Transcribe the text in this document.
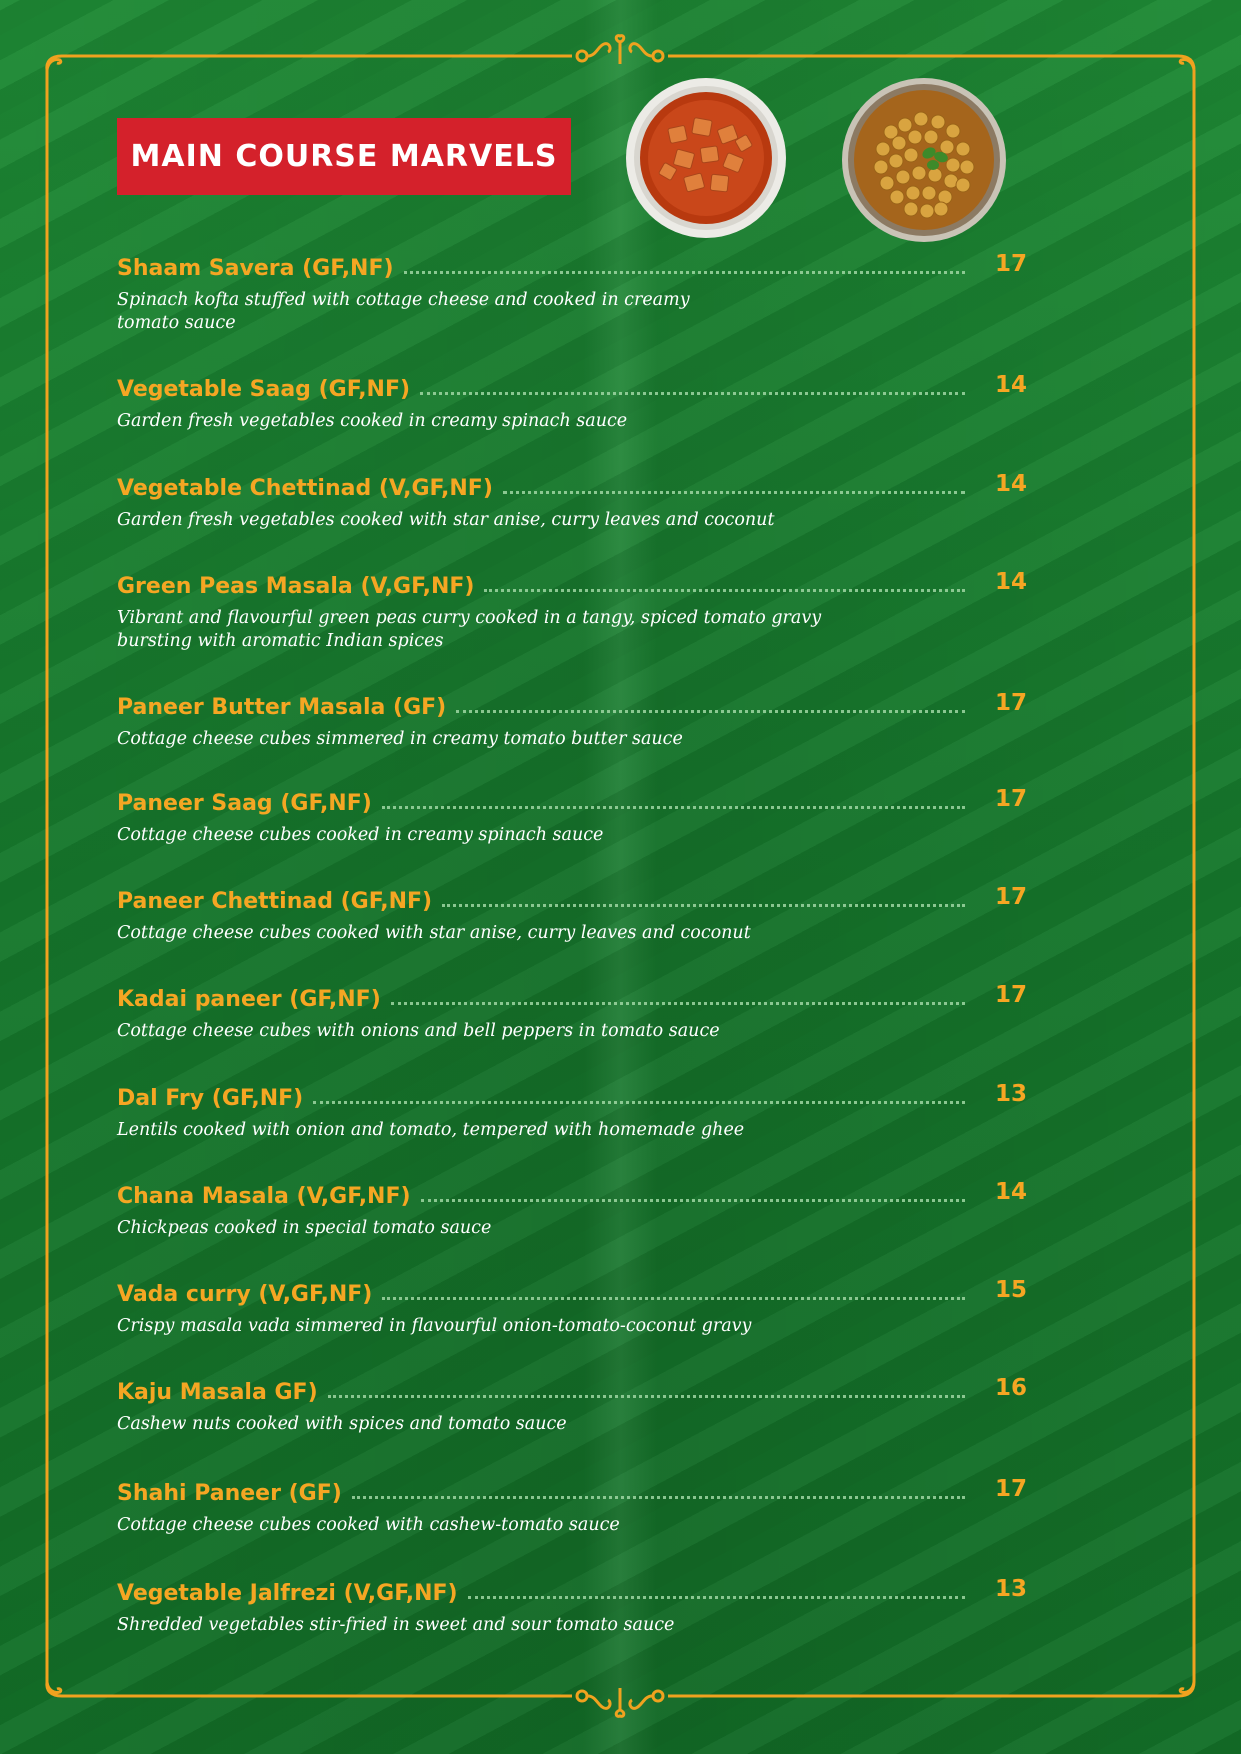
MAIN COURSE MARVELS
Shaam Savera (GF,NF)	17
Spinach kofta stuffed with cottage cheese and cooked in creamy
tomato sauce
Vegetable Saag (GF,NF)	14
Garden fresh vegetables cooked in creamy spinach sauce
Vegetable Chettinad (V,GF,NF)	14
Garden fresh vegetables cooked with star anise, curry leaves and coconut
Green Peas Masala (V,GF,NF)	14
Vibrant and flavourful green peas curry cooked in a tangy, spiced tomato gravy
bursting with aromatic Indian spices
Paneer Butter Masala (GF)	17
Cottage cheese cubes simmered in creamy tomato butter sauce
Paneer Saag (GF,NF)	17
Cottage cheese cubes cooked in creamy spinach sauce
Paneer Chettinad (GF,NF)	17
Cottage cheese cubes cooked with star anise, curry leaves and coconut
Kadai paneer (GF,NF)	17
Cottage cheese cubes with onions and bell peppers in tomato sauce
Dal Fry (GF,NF)	13
Lentils cooked with onion and tomato, tempered with homemade ghee
Chana Masala (V,GF,NF)	14
Chickpeas cooked in special tomato sauce
Vada curry (V,GF,NF)	15
Crispy masala vada simmered in flavourful onion-tomato-coconut gravy
Kaju Masala GF)	16
Cashew nuts cooked with spices and tomato sauce
Shahi Paneer (GF)	17
Cottage cheese cubes cooked with cashew-tomato sauce
Vegetable Jalfrezi (V,GF,NF)	13
Shredded vegetables stir-fried in sweet and sour tomato sauce
